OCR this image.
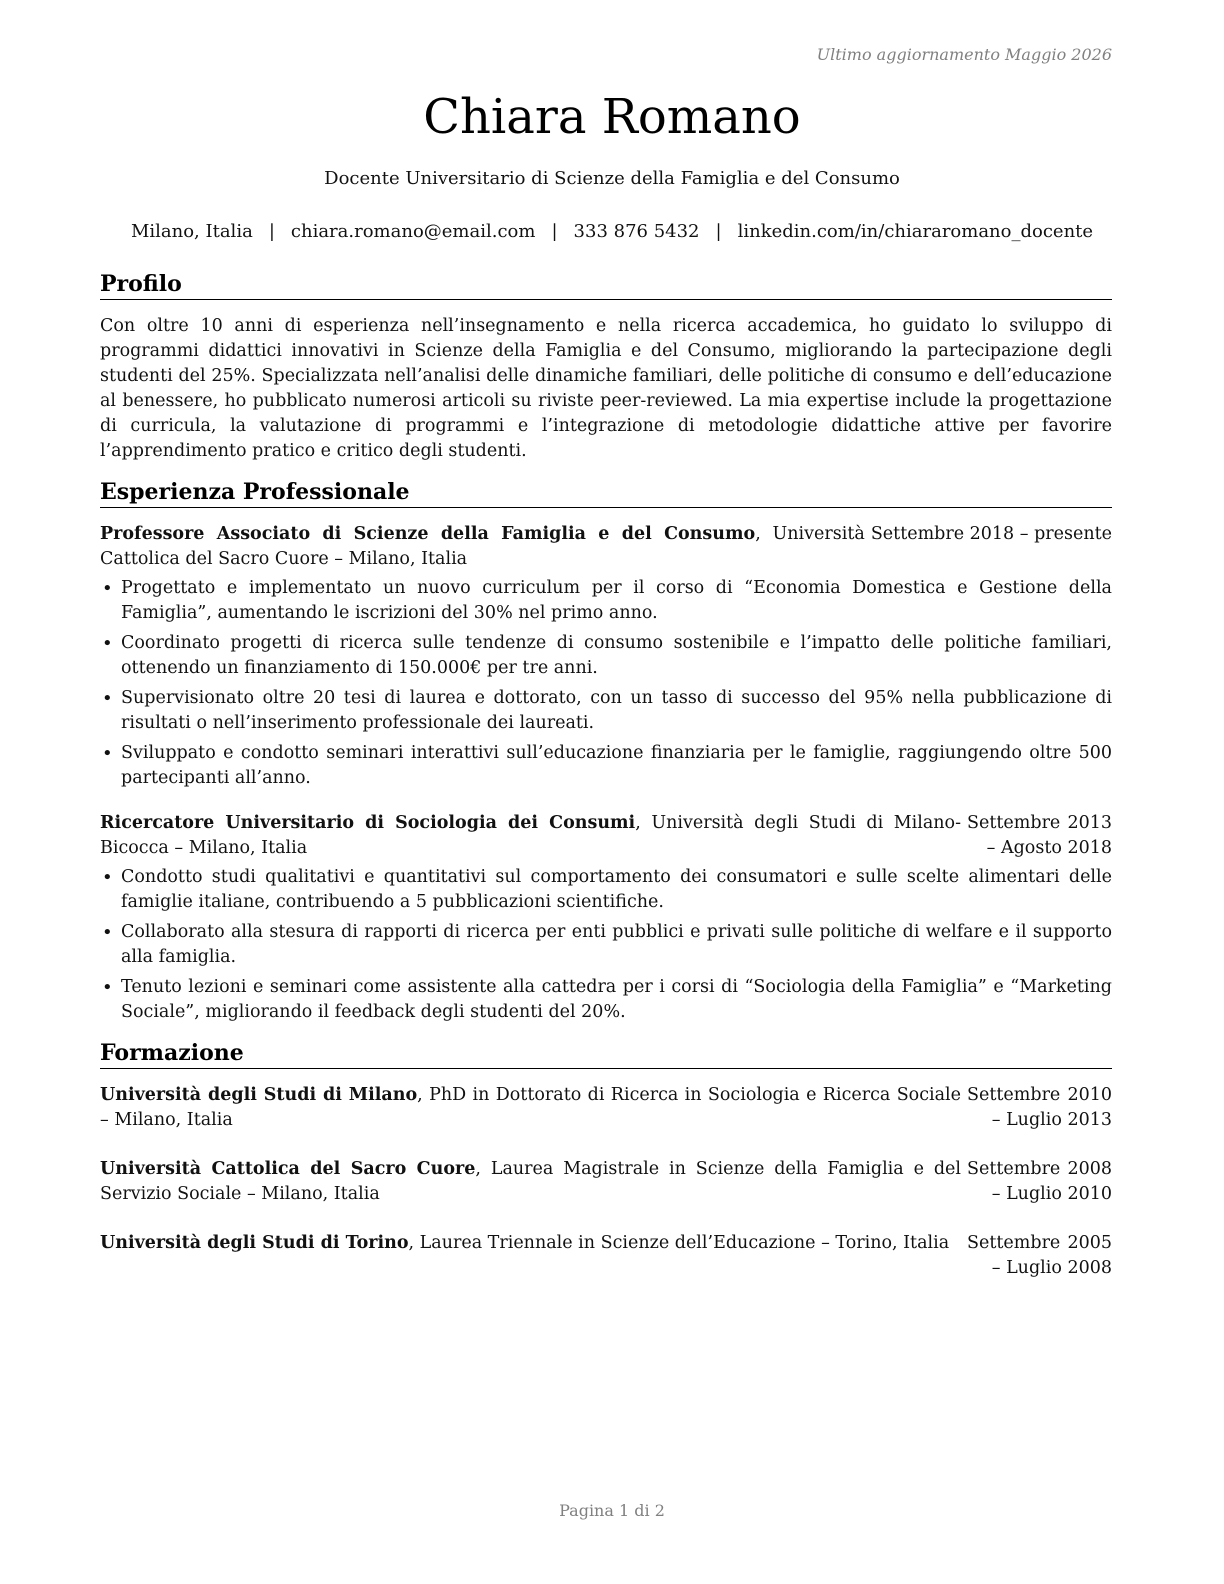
Ultimo aggiornamento Maggio 2026
Chiara Romano
Docente Universitario di Scienze della Famiglia e del Consumo
Milano, Italia | chiara.romano@email.com | 333 876 5432 | linkedin.com/in/chiararomano_docente
Profilo

Con oltre 10 anni di esperienza nell’insegnamento e nella ricerca accademica, ho guidato lo sviluppo di programmi didattici innovativi in Scienze della Famiglia e del Consumo, migliorando la partecipazione degli studenti del 25%. Specializzata nell’analisi delle dinamiche familiari, delle politiche di consumo e dell’educazione al benessere, ho pubblicato numerosi articoli su riviste peer-reviewed. La mia expertise include la progettazione di curricula, la valutazione di programmi e l’integrazione di metodologie didattiche attive per favorire l’apprendimento pratico e critico degli studenti.

Esperienza Professionale
Professore Associato di Scienze della Famiglia e del Consumo, Università Cattolica del Sacro Cuore – Milano, Italia
Settembre 2018 – presente
• Progettato e implementato un nuovo curriculum per il corso di “Economia Domestica e Gestione della Famiglia”, aumentando le iscrizioni del 30% nel primo anno.
• Coordinato progetti di ricerca sulle tendenze di consumo sostenibile e l’impatto delle politiche familiari, ottenendo un finanziamento di 150.000€ per tre anni.
• Supervisionato oltre 20 tesi di laurea e dottorato, con un tasso di successo del 95% nella pubblicazione di risultati o nell’inserimento professionale dei laureati.
• Sviluppato e condotto seminari interattivi sull’educazione finanziaria per le famiglie, raggiungendo oltre 500 partecipanti all’anno.
Ricercatore Universitario di Sociologia dei Consumi, Università degli Studi di Milano-Bicocca – Milano, Italia
Settembre 2013 – Agosto 2018
• Condotto studi qualitativi e quantitativi sul comportamento dei consumatori e sulle scelte alimentari delle famiglie italiane, contribuendo a 5 pubblicazioni scientifiche.
• Collaborato alla stesura di rapporti di ricerca per enti pubblici e privati sulle politiche di welfare e il supporto alla famiglia.
• Tenuto lezioni e seminari come assistente alla cattedra per i corsi di “Sociologia della Famiglia” e “Marketing Sociale”, migliorando il feedback degli studenti del 20%.
Formazione
Università degli Studi di Milano, PhD in Dottorato di Ricerca in Sociologia e Ricerca Sociale – Milano, Italia
Settembre 2010 – Luglio 2013
Università Cattolica del Sacro Cuore, Laurea Magistrale in Scienze della Famiglia e del Servizio Sociale – Milano, Italia
Settembre 2008 – Luglio 2010
Università degli Studi di Torino, Laurea Triennale in Scienze dell’Educazione – Torino, Italia	Settembre 2005 – Luglio 2008
Pagina 1 di 2
